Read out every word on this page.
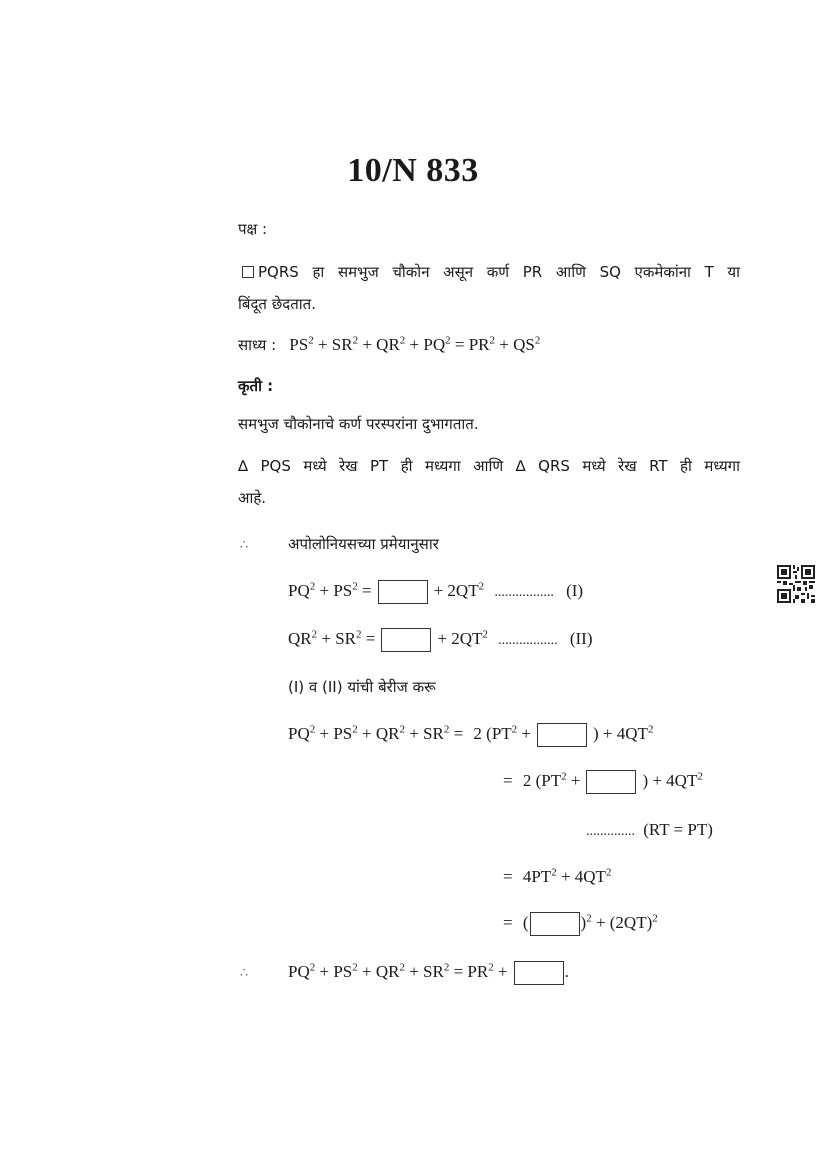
10/N 833
पक्ष :
PQRS हा समभुज चौकोन असून कर्ण PR आणि SQ एकमेकांना T या
बिंदूत छेदतात.
साध्य : $PS^2 + SR^2 + QR^2 + PQ^2 = PR^2 + QS^2$
कृती :
समभुज चौकोनाचे कर्ण परस्परांना दुभागतात.
∆ PQS मध्ये रेख PT ही मध्यगा आणि ∆ QRS मध्ये रेख RT ही मध्यगा
आहे.
∴	अपोलोनियसच्या प्रमेयानुसार
$PQ^2 + PS^2$ =	+ $2QT^2$ ................. (I)
$QR^2 + SR^2$ =	+ $2QT^2$ ................. (II)
(I) व (II) यांची बेरीज करू
$PQ^2 + PS^2 + QR^2 + SR^2 = 2$ ($PT^2$ +	) + $4QT^2$
= 2 ($PT^2$ +	) + $4QT^2$
.............. (RT = PT)
= $4PT^2 + 4QT^2$
= (	)$^2 + (2QT)^2$
∴ $PQ^2 + PS^2 + QR^2 + SR^2 = PR^2$ +	.
